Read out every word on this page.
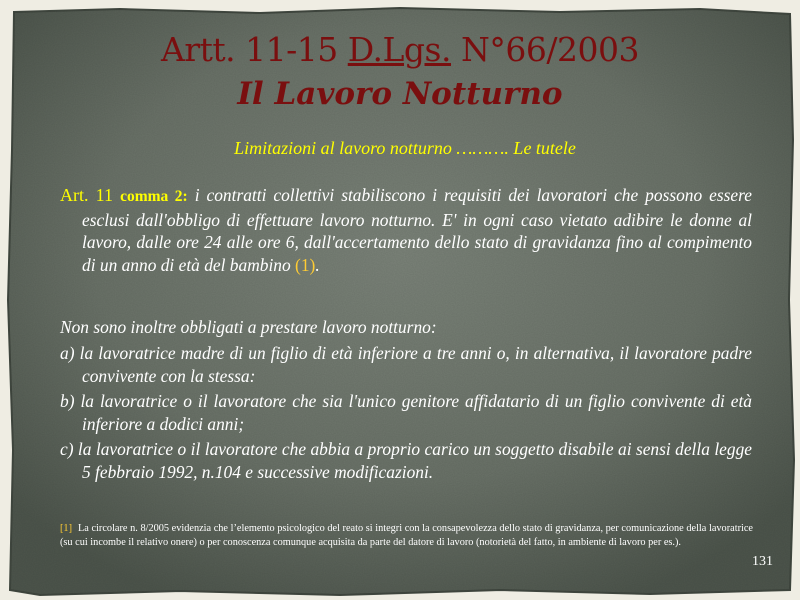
Artt. 11-15 D.Lgs. N°66/2003
Il Lavoro Notturno
Limitazioni al lavoro notturno ………. Le tutele

Art. 11 comma 2: i contratti collettivi stabiliscono i requisiti dei lavoratori che possono essere esclusi dall'obbligo di effettuare lavoro notturno. E' in ogni caso vietato adibire le donne al lavoro, dalle ore 24 alle ore 6, dall'accertamento dello stato di gravidanza fino al compimento di un anno di età del bambino (1).

Non sono inoltre obbligati a prestare lavoro notturno:

a) la lavoratrice madre di un figlio di età inferiore a tre anni o, in alternativa, il lavoratore padre convivente con la stessa:

b) la lavoratrice o il lavoratore che sia l'unico genitore affidatario di un figlio convivente di età inferiore a dodici anni;

c) la lavoratrice o il lavoratore che abbia a proprio carico un soggetto disabile ai sensi della legge 5 febbraio 1992, n.104 e successive modificazioni.

[1] La circolare n. 8/2005 evidenzia che l’elemento psicologico del reato si integri con la consapevolezza dello stato di gravidanza, per comunicazione della lavoratrice (su cui incombe il relativo onere) o per conoscenza comunque acquisita da parte del datore di lavoro (notorietà del fatto, in ambiente di lavoro per es.).

131
